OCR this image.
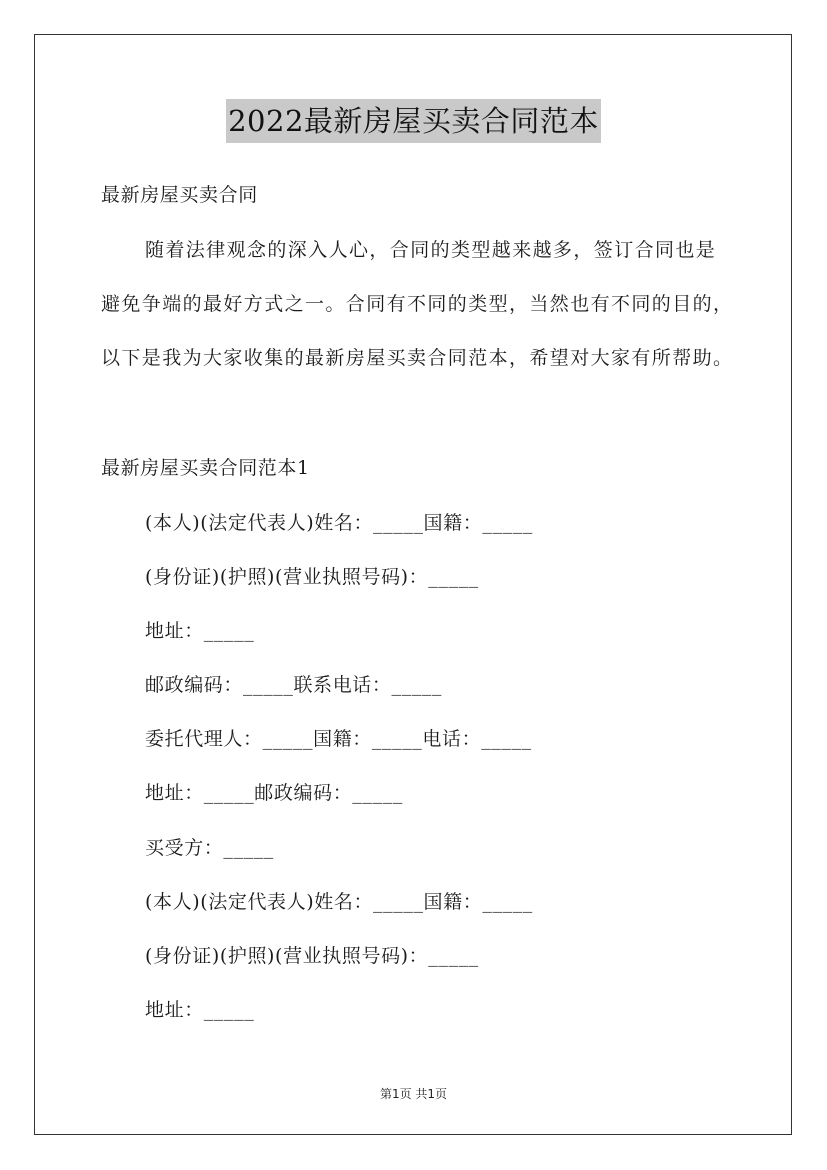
2022最新房屋买卖合同范本
最新房屋买卖合同
随着法律观念的深入人心，合同的类型越来越多，签订合同也是
避免争端的最好方式之一。合同有不同的类型，当然也有不同的目的，
以下是我为大家收集的最新房屋买卖合同范本，希望对大家有所帮助。
最新房屋买卖合同范本1
(本人)(法定代表人)姓名：_____国籍：_____
(身份证)(护照)(营业执照号码)：_____
地址：_____
邮政编码：_____联系电话：_____
委托代理人：_____国籍：_____电话：_____
地址：_____邮政编码：_____
买受方：_____
(本人)(法定代表人)姓名：_____国籍：_____
(身份证)(护照)(营业执照号码)：_____
地址：_____
第1页 共1页
